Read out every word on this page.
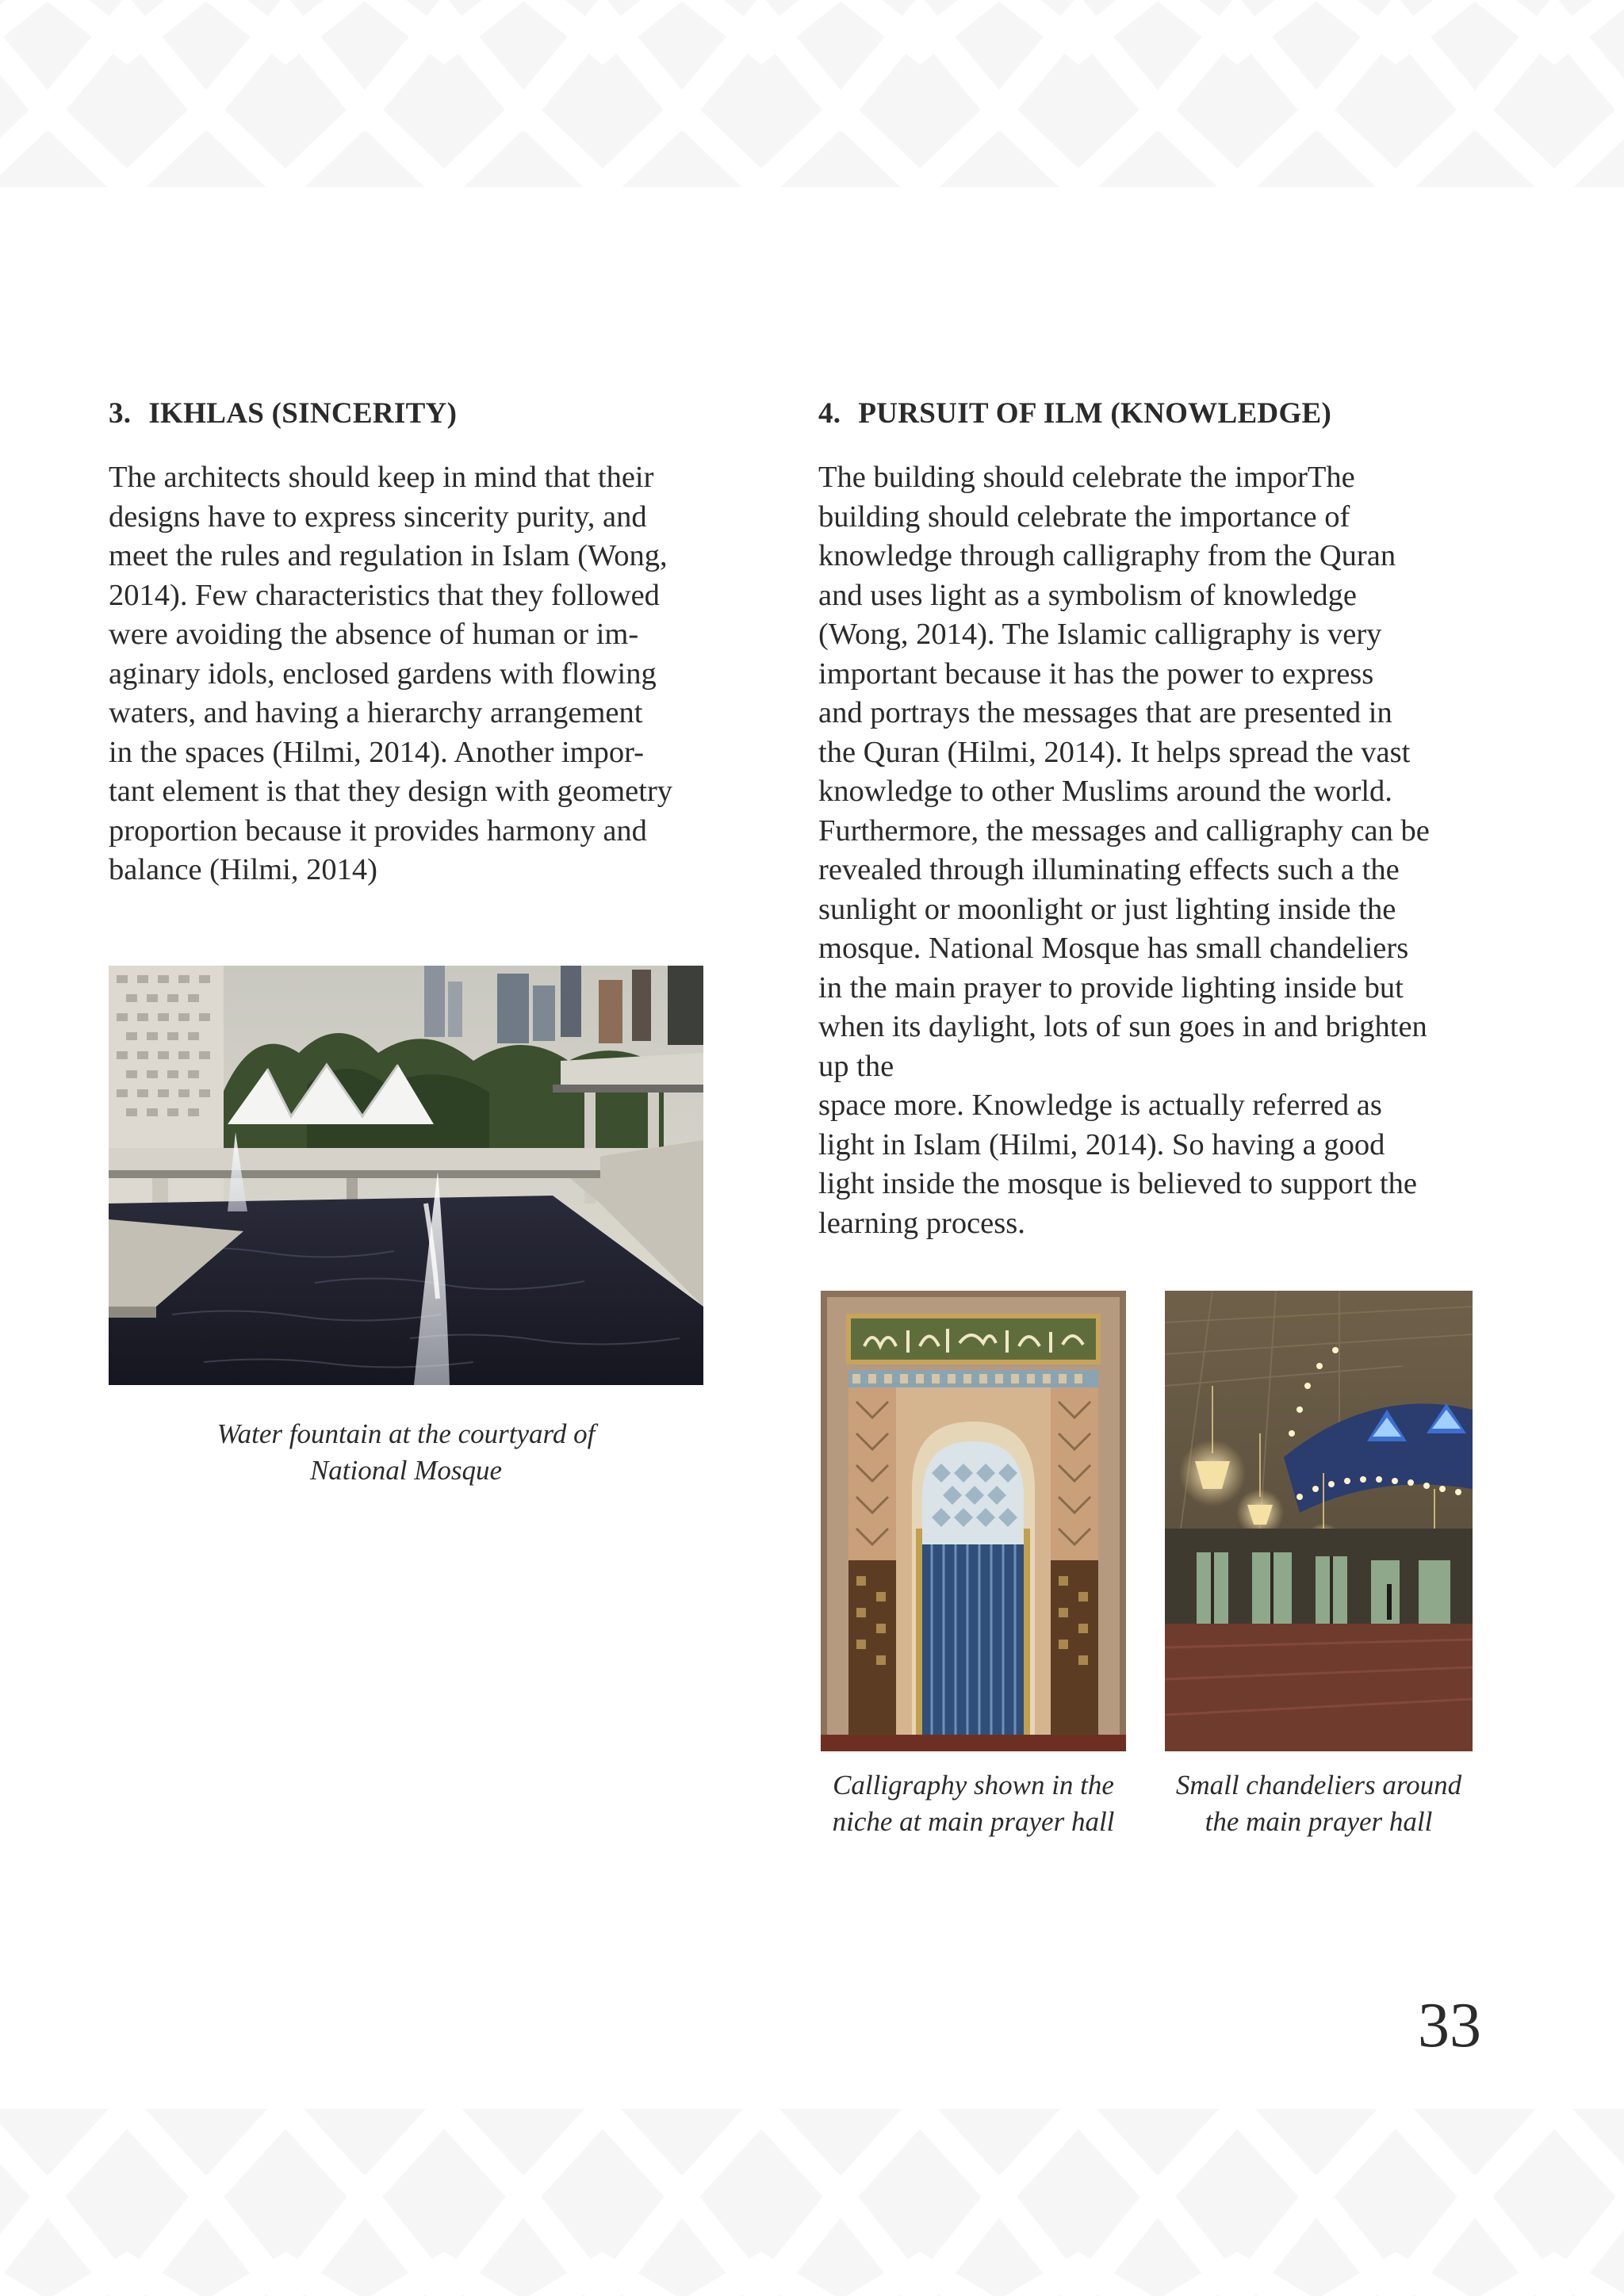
3. IKHLAS (SINCERITY)

The architects should keep in mind that their
designs have to express sincerity purity, and
meet the rules and regulation in Islam (Wong,
2014). Few characteristics that they followed
were avoiding the absence of human or im-
aginary idols, enclosed gardens with flowing
waters, and having a hierarchy arrangement
in the spaces (Hilmi, 2014). Another impor-
tant element is that they design with geometry
proportion because it provides harmony and
balance (Hilmi, 2014)

Water fountain at the courtyard of
National Mosque

4. PURSUIT OF ILM (KNOWLEDGE)

The building should celebrate the imporThe
building should celebrate the importance of
knowledge through calligraphy from the Quran
and uses light as a symbolism of knowledge
(Wong, 2014). The Islamic calligraphy is very
important because it has the power to express
and portrays the messages that are presented in
the Quran (Hilmi, 2014). It helps spread the vast
knowledge to other Muslims around the world.
Furthermore, the messages and calligraphy can be
revealed through illuminating effects such a the
sunlight or moonlight or just lighting inside the
mosque. National Mosque has small chandeliers
in the main prayer to provide lighting inside but
when its daylight, lots of sun goes in and brighten
up the
space more. Knowledge is actually referred as
light in Islam (Hilmi, 2014). So having a good
light inside the mosque is believed to support the
learning process.

Calligraphy shown in the
niche at main prayer hall

Small chandeliers around
the main prayer hall

33
